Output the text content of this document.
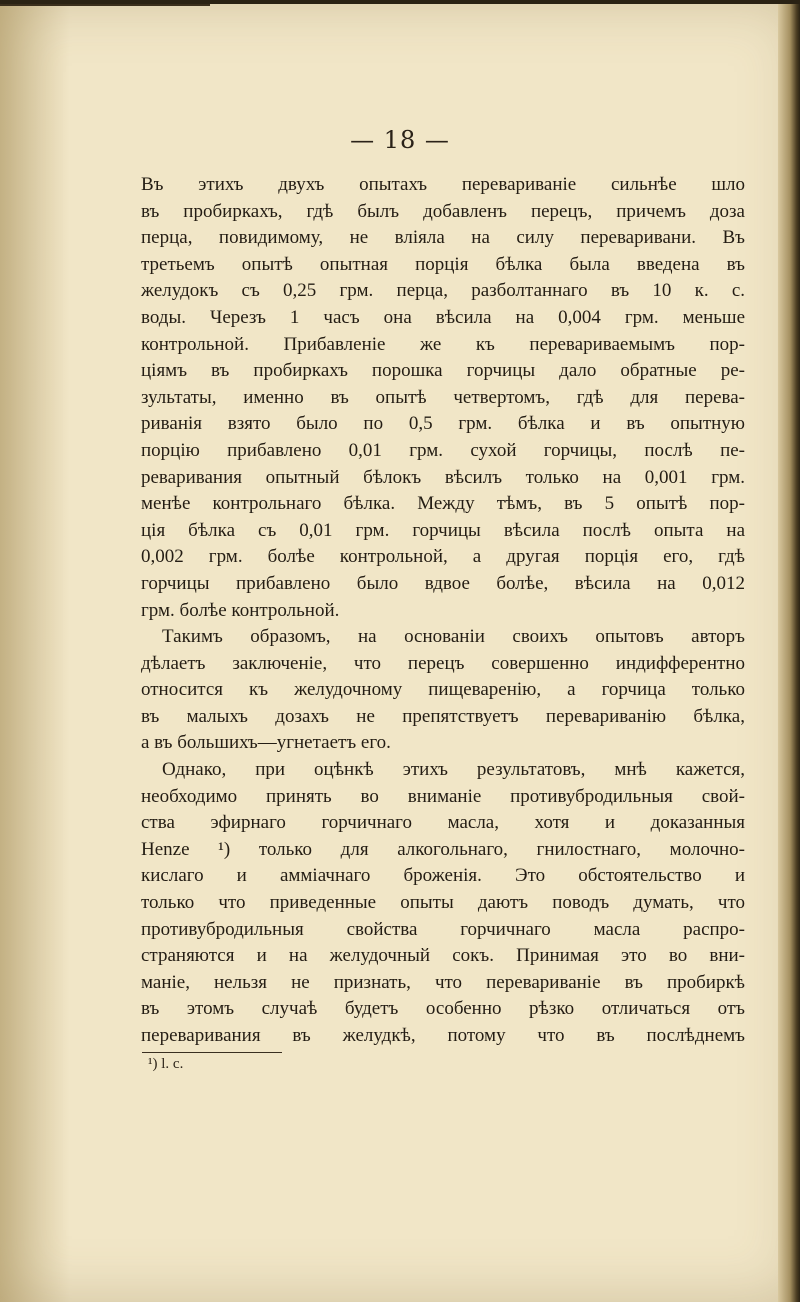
— 18 —
Въ этихъ двухъ опытахъ перевариваніе сильнѣе шло
въ пробиркахъ, гдѣ былъ добавленъ перецъ, причемъ доза
перца, повидимому, не вліяла на силу переваривани. Въ
третьемъ опытѣ опытная порція бѣлка была введена въ
желудокъ съ 0,25 грм. перца, разболтаннаго въ 10 к. с.
воды. Черезъ 1 часъ она вѣсила на 0,004 грм. меньше
контрольной. Прибавленіе же къ перевариваемымъ пор-
ціямъ въ пробиркахъ порошка горчицы дало обратные ре-
зультаты, именно въ опытѣ четвертомъ, гдѣ для перева-
риванія взято было по 0,5 грм. бѣлка и въ опытную
порцію прибавлено 0,01 грм. сухой горчицы, послѣ пе-
реваривания опытный бѣлокъ вѣсилъ только на 0,001 грм.
менѣе контрольнаго бѣлка. Между тѣмъ, въ 5 опытѣ пор-
ція бѣлка съ 0,01 грм. горчицы вѣсила послѣ опыта на
0,002 грм. болѣе контрольной, а другая порція его, гдѣ
горчицы прибавлено было вдвое болѣе, вѣсила на 0,012
грм. болѣе контрольной.
Такимъ образомъ, на основаніи своихъ опытовъ авторъ
дѣлаетъ заключеніе, что перецъ совершенно индифферентно
относится къ желудочному пищеваренію, а горчица только
въ малыхъ дозахъ не препятствуетъ перевариванію бѣлка,
а въ большихъ—угнетаетъ его.
Однако, при оцѣнкѣ этихъ результатовъ, мнѣ кажется,
необходимо принять во вниманіе противубродильныя свой-
ства эфирнаго горчичнаго масла, хотя и доказанныя
Henze ¹) только для алкогольнаго, гнилостнаго, молочно-
кислаго и амміачнаго броженія. Это обстоятельство и
только что приведенные опыты даютъ поводъ думать, что
противубродильныя свойства горчичнаго масла распро-
страняются и на желудочный сокъ. Принимая это во вни-
маніе, нельзя не признать, что перевариваніе въ пробиркѣ
въ этомъ случаѣ будетъ особенно рѣзко отличаться отъ
переваривания въ желудкѣ, потому что въ послѣднемъ
¹) l. c.
